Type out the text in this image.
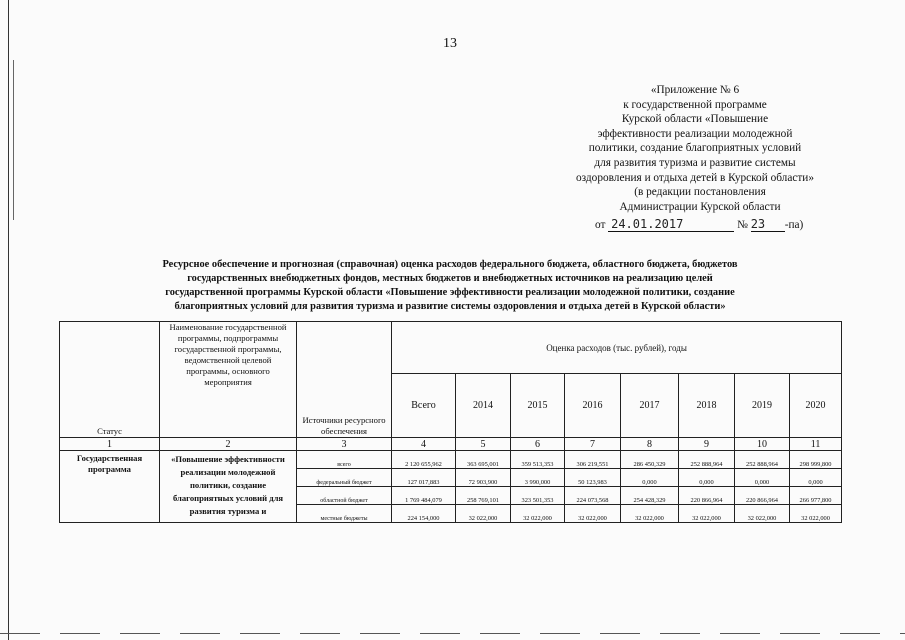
13
«Приложение № 6
к государственной программе
Курской области «Повышение
эффективности реализации молодежной
политики, создание благоприятных условий
для развития туризма и развитие системы
оздоровления и отдыха детей в Курской области»
(в редакции постановления
Администрации Курской области
от 24.01.2017	№ 23 -па)
Ресурсное обеспечение и прогнозная (справочная) оценка расходов федерального бюджета, областного бюджета, бюджетов
государственных внебюджетных фондов, местных бюджетов и внебюджетных источников на реализацию целей
государственной программы Курской области «Повышение эффективности реализации молодежной политики, создание
благоприятных условий для развития туризма и развитие системы оздоровления и отдыха детей в Курской области»
Статус	Наименование государственной программы, подпрограммы государственной программы, ведомственной целевой программы, основного мероприятия	Источники ресурсного обеспечения	Оценка расходов (тыс. рублей), годы							
			Всего	2014	2015	2016	2017	2018	2019	2020
1	2	3	4	5	6	7	8	9	10	11
Государственная программа	«Повышение эффективности реализации молодежной политики, создание благоприятных условий для развития туризма и	всего	2 120 655,962	363 695,001	359 513,353	306 219,551	286 450,329	252 888,964	252 888,964	298 999,800
		федеральный бюджет	127 017,883	72 903,900	3 990,000	50 123,983	0,000	0,000	0,000	0,000
		областной бюджет	1 769 484,079	258 769,101	323 501,353	224 073,568	254 428,329	220 866,964	220 866,964	266 977,800
		местные бюджеты	224 154,000	32 022,000	32 022,000	32 022,000	32 022,000	32 022,000	32 022,000	32 022,000
